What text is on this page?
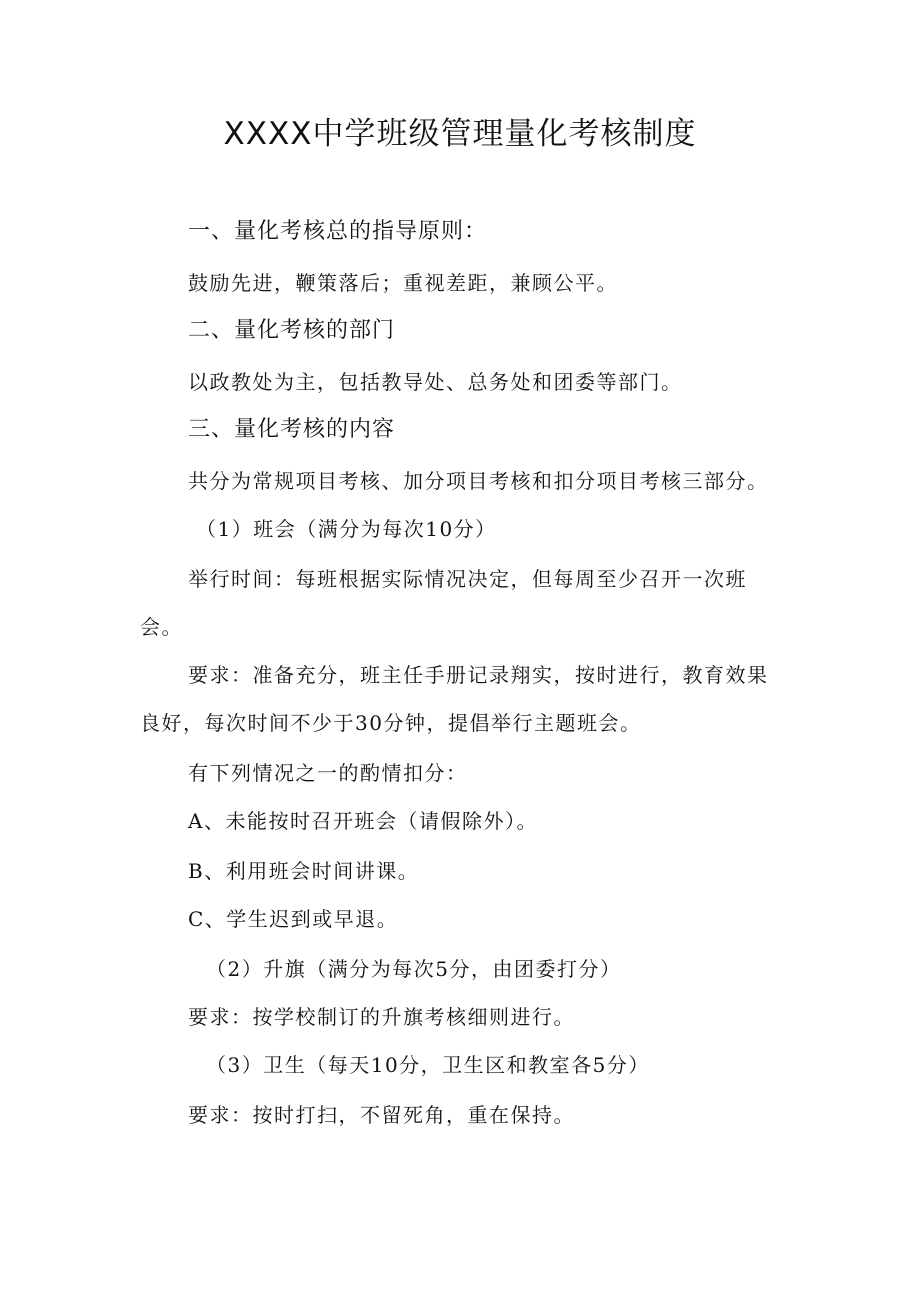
XXXX中学班级管理量化考核制度
一、量化考核总的指导原则：

鼓励先进，鞭策落后；重视差距，兼顾公平。

二、量化考核的部门

以政教处为主，包括教导处、总务处和团委等部门。

三、量化考核的内容

共分为常规项目考核、加分项目考核和扣分项目考核三部分。

（1）班会（满分为每次10分）

举行时间：每班根据实际情况决定，但每周至少召开一次班

会。

要求：准备充分，班主任手册记录翔实，按时进行，教育效果

良好，每次时间不少于30分钟，提倡举行主题班会。

有下列情况之一的酌情扣分：

A、未能按时召开班会（请假除外）。

B、利用班会时间讲课。

C、学生迟到或早退。

（2）升旗（满分为每次5分，由团委打分）

要求：按学校制订的升旗考核细则进行。

（3）卫生（每天10分，卫生区和教室各5分）

要求：按时打扫，不留死角，重在保持。
